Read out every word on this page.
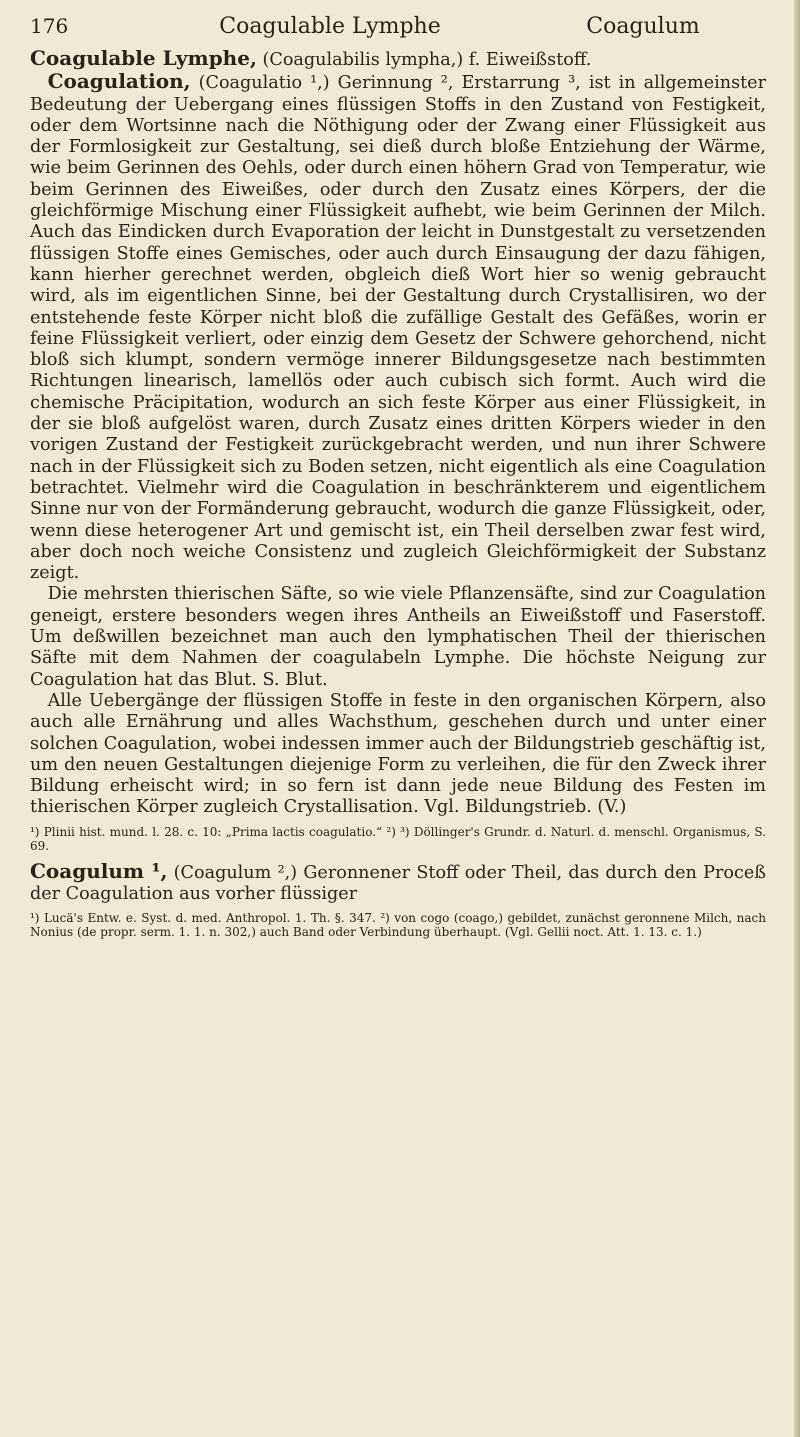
176	Coagulable Lymphe	Coagulum

Coagulable Lymphe, (Coagulabilis lympha,) f. Eiweißstoff.

 Coagulation, (Coagulatio ¹,) Gerinnung ², Erstarrung ³, ist in allgemeinster Bedeutung der Uebergang eines flüssigen Stoffs in den Zustand von Festigkeit, oder dem Wortsinne nach die Nöthigung oder der Zwang einer Flüssigkeit aus der Formlosigkeit zur Gestaltung, sei dieß durch bloße Entziehung der Wärme, wie beim Gerinnen des Oehls, oder durch einen höhern Grad von Temperatur, wie beim Gerinnen des Eiweißes, oder durch den Zusatz eines Körpers, der die gleichförmige Mischung einer Flüssigkeit aufhebt, wie beim Gerinnen der Milch. Auch das Eindicken durch Evaporation der leicht in Dunstgestalt zu versetzenden flüssigen Stoffe eines Gemisches, oder auch durch Einsaugung der dazu fähigen, kann hierher gerechnet werden, obgleich dieß Wort hier so wenig gebraucht wird, als im eigentlichen Sinne, bei der Gestaltung durch Crystallisiren, wo der entstehende feste Körper nicht bloß die zufällige Gestalt des Gefäßes, worin er feine Flüssigkeit verliert, oder einzig dem Gesetz der Schwere gehorchend, nicht bloß sich klumpt, sondern vermöge innerer Bildungsgesetze nach bestimmten Richtungen linearisch, lamellös oder auch cubisch sich formt. Auch wird die chemische Präcipitation, wodurch an sich feste Körper aus einer Flüssigkeit, in der sie bloß aufgelöst waren, durch Zusatz eines dritten Körpers wieder in den vorigen Zustand der Festigkeit zurückgebracht werden, und nun ihrer Schwere nach in der Flüssigkeit sich zu Boden setzen, nicht eigentlich als eine Coagulation betrachtet. Vielmehr wird die Coagulation in beschränkterem und eigentlichem Sinne nur von der Formänderung gebraucht, wodurch die ganze Flüssigkeit, oder, wenn diese heterogener Art und gemischt ist, ein Theil derselben zwar fest wird, aber doch noch weiche Consistenz und zugleich Gleichförmigkeit der Substanz zeigt.

 Die mehrsten thierischen Säfte, so wie viele Pflanzensäfte, sind zur Coagulation geneigt, erstere besonders wegen ihres Antheils an Eiweißstoff und Faserstoff. Um deßwillen bezeichnet man auch den lymphatischen Theil der thierischen Säfte mit dem Nahmen der coagulabeln Lymphe. Die höchste Neigung zur Coagulation hat das Blut. S. Blut.

 Alle Uebergänge der flüssigen Stoffe in feste in den organischen Körpern, also auch alle Ernährung und alles Wachsthum, geschehen durch und unter einer solchen Coagulation, wobei indessen immer auch der Bildungstrieb geschäftig ist, um den neuen Gestaltungen diejenige Form zu verleihen, die für den Zweck ihrer Bildung erheischt wird; in so fern ist dann jede neue Bildung des Festen im thierischen Körper zugleich Crystallisation. Vgl. Bildungstrieb. (V.)

¹) Plinii hist. mund. l. 28. c. 10: „Prima lactis coagulatio.“ ²) ³) Döllinger's Grundr. d. Naturl. d. menschl. Organismus, S. 69.

Coagulum ¹, (Coagulum ²,) Geronnener Stoff oder Theil, das durch den Proceß der Coagulation aus vorher flüssiger

¹) Lucä's Entw. e. Syst. d. med. Anthropol. 1. Th. §. 347. ²) von cogo (coago,) gebildet, zunächst geronnene Milch, nach Nonius (de propr. serm. 1. 1. n. 302,) auch Band oder Verbindung überhaupt. (Vgl. Gellii noct. Att. 1. 13. c. 1.)
